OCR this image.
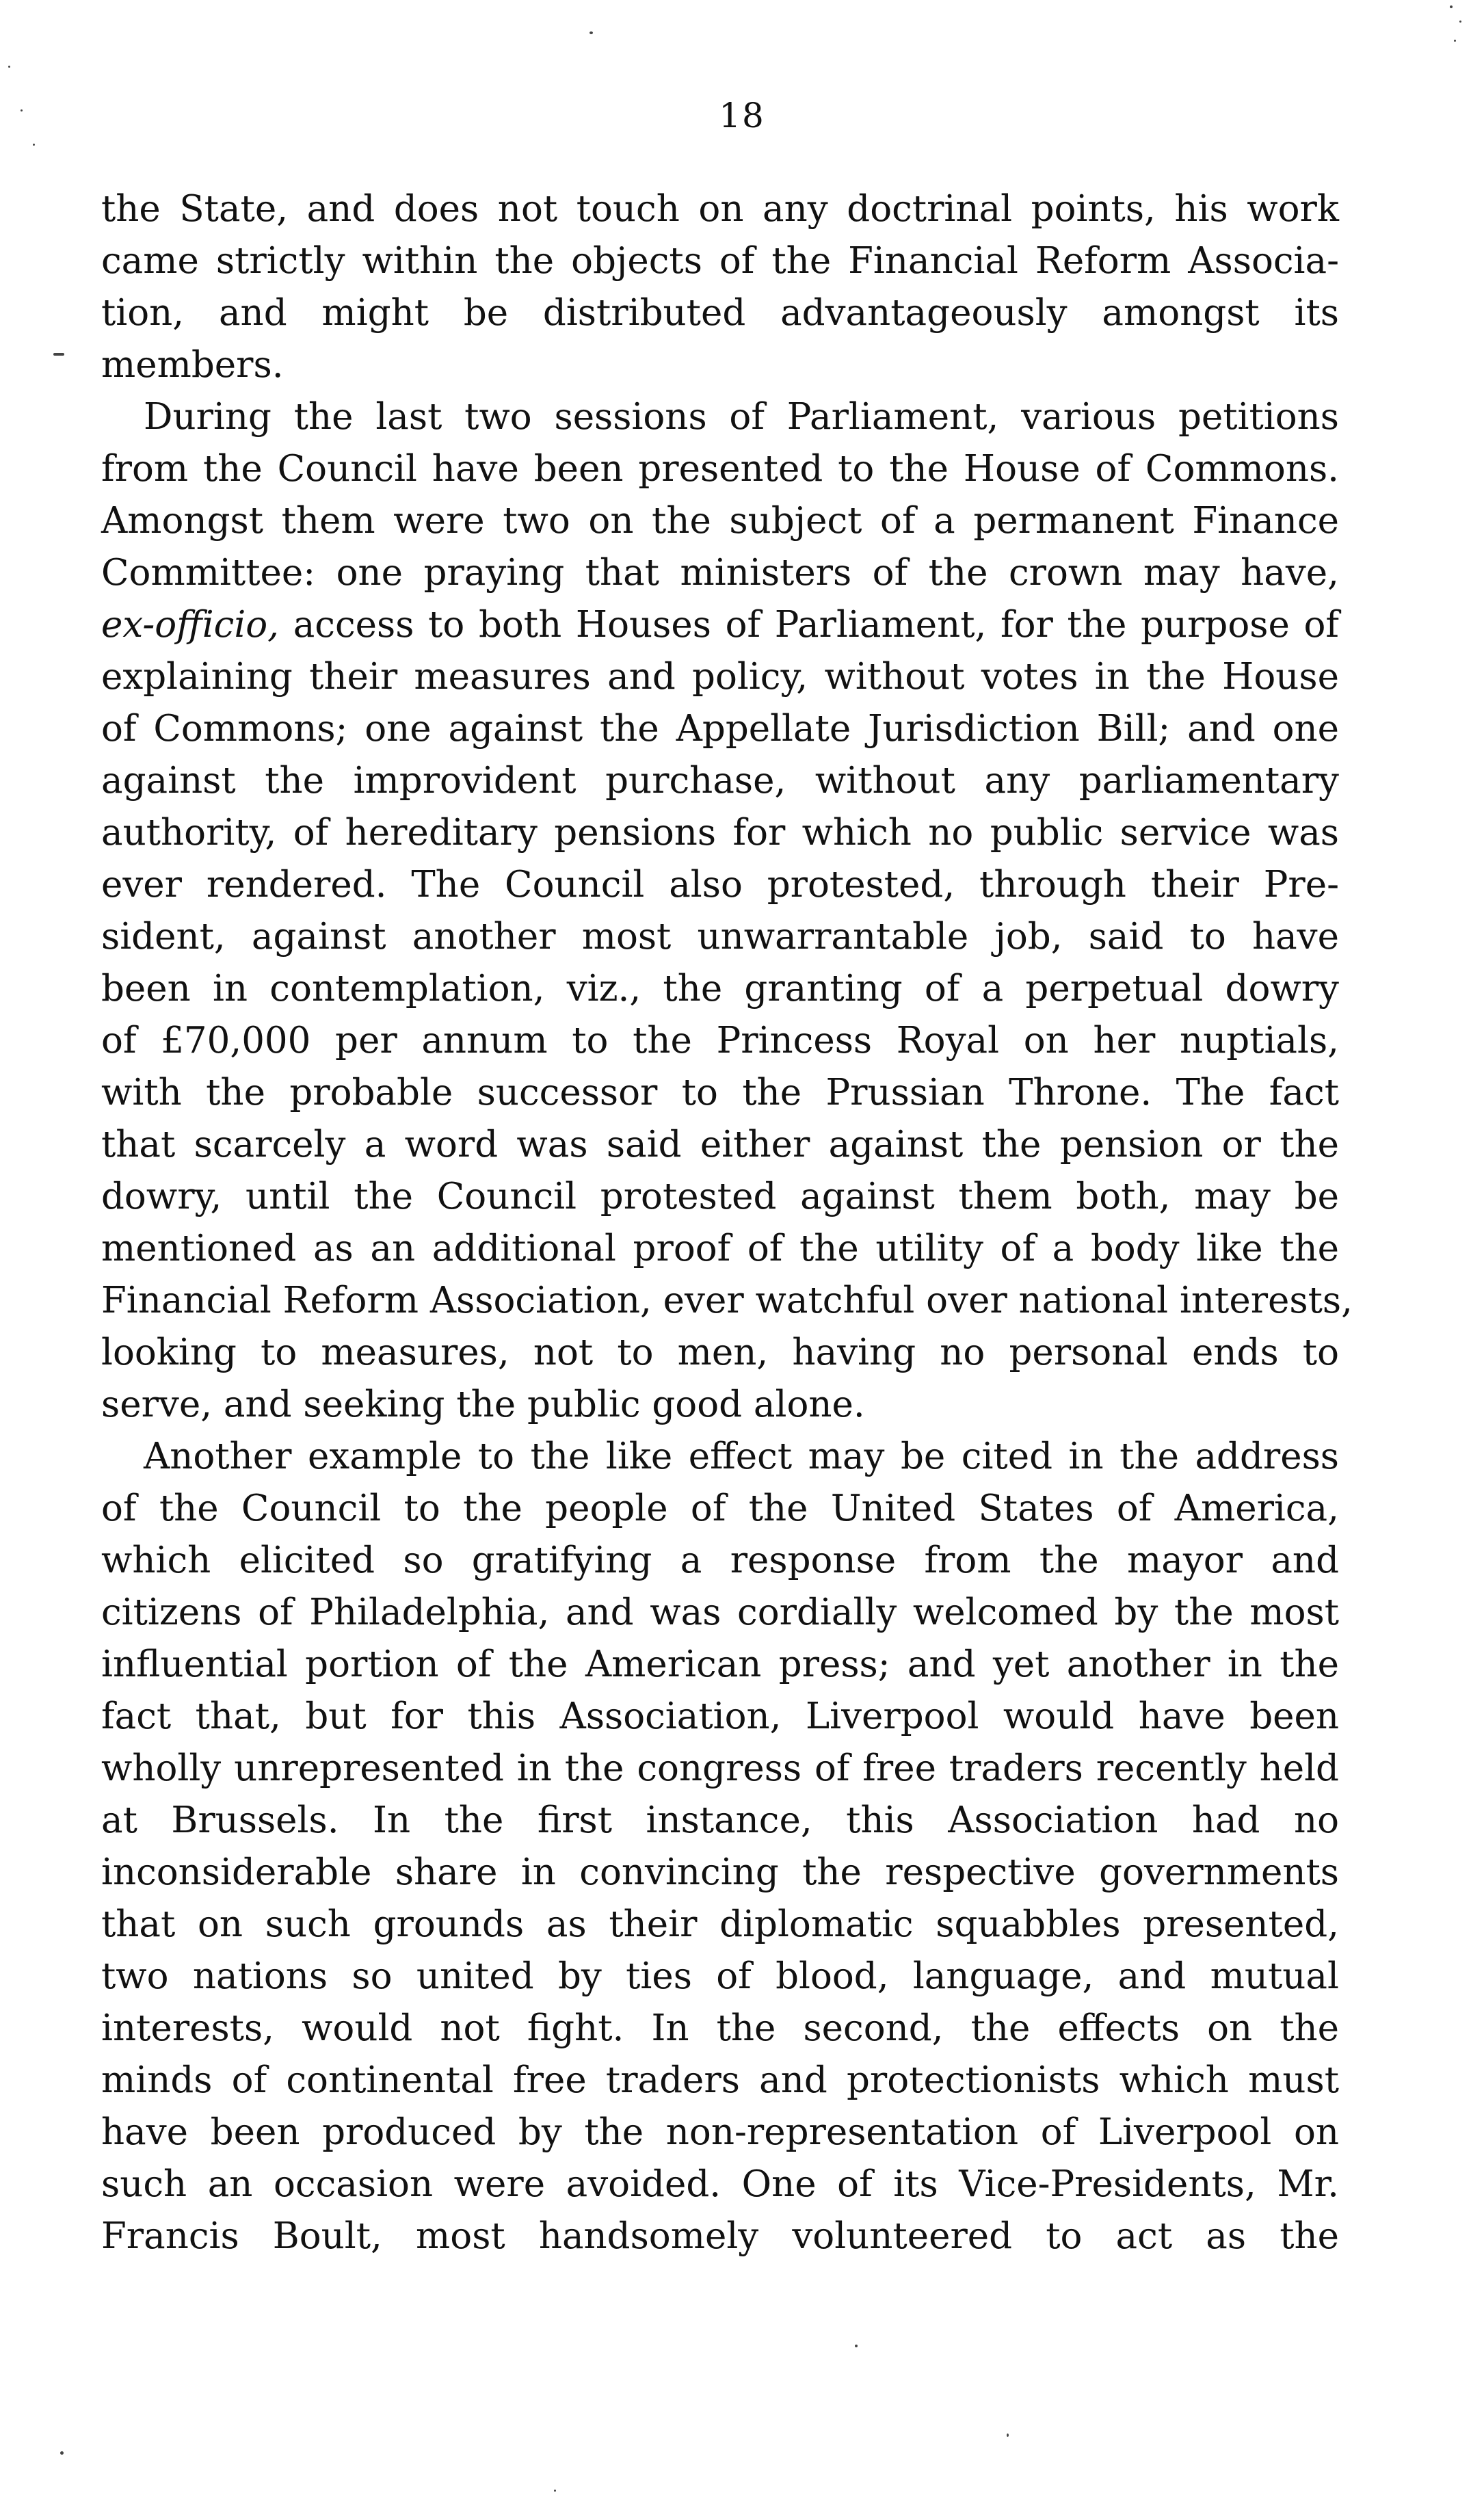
18
the State, and does not touch on any doctrinal points, his work
came strictly within the objects of the Financial Reform Associa-
tion, and might be distributed advantageously amongst its
members.
During the last two sessions of Parliament, various petitions
from the Council have been presented to the House of Commons.
Amongst them were two on the subject of a permanent Finance
Committee: one praying that ministers of the crown may have,
ex-officio, access to both Houses of Parliament, for the purpose of
explaining their measures and policy, without votes in the House
of Commons; one against the Appellate Jurisdiction Bill; and one
against the improvident purchase, without any parliamentary
authority, of hereditary pensions for which no public service was
ever rendered. The Council also protested, through their Pre-
sident, against another most unwarrantable job, said to have
been in contemplation, viz., the granting of a perpetual dowry
of £70,000 per annum to the Princess Royal on her nuptials,
with the probable successor to the Prussian Throne. The fact
that scarcely a word was said either against the pension or the
dowry, until the Council protested against them both, may be
mentioned as an additional proof of the utility of a body like the
Financial Reform Association, ever watchful over national interests,
looking to measures, not to men, having no personal ends to
serve, and seeking the public good alone.
Another example to the like effect may be cited in the address
of the Council to the people of the United States of America,
which elicited so gratifying a response from the mayor and
citizens of Philadelphia, and was cordially welcomed by the most
influential portion of the American press; and yet another in the
fact that, but for this Association, Liverpool would have been
wholly unrepresented in the congress of free traders recently held
at Brussels. In the first instance, this Association had no
inconsiderable share in convincing the respective governments
that on such grounds as their diplomatic squabbles presented,
two nations so united by ties of blood, language, and mutual
interests, would not fight. In the second, the effects on the
minds of continental free traders and protectionists which must
have been produced by the non-representation of Liverpool on
such an occasion were avoided. One of its Vice-Presidents, Mr.
Francis Boult, most handsomely volunteered to act as the
